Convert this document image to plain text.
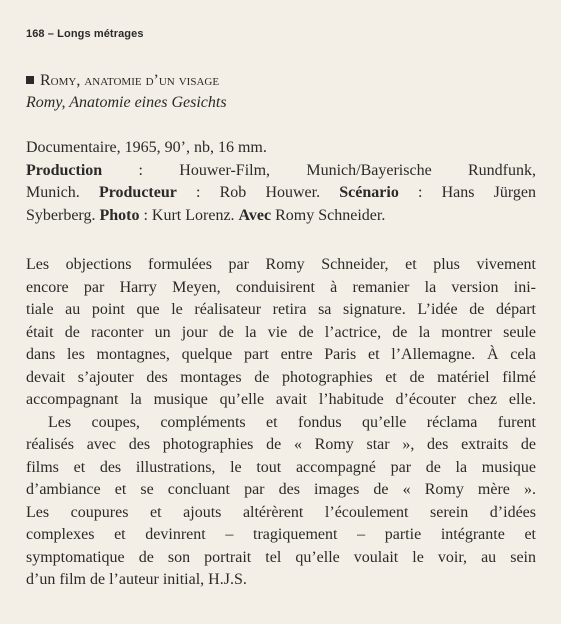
168 – Longs métrages
Romy, anatomie d’un visage
Romy, Anatomie eines Gesichts
Documentaire, 1965, 90’, nb, 16 mm.
Production : Houwer-Film, Munich/Bayerische Rundfunk,
Munich. Producteur : Rob Houwer. Scénario : Hans Jürgen
Syberberg. Photo : Kurt Lorenz. Avec Romy Schneider.
Les objections formulées par Romy Schneider, et plus vivement
encore par Harry Meyen, conduisirent à remanier la version ini-
tiale au point que le réalisateur retira sa signature. L’idée de départ
était de raconter un jour de la vie de l’actrice, de la montrer seule
dans les montagnes, quelque part entre Paris et l’Allemagne. À cela
devait s’ajouter des montages de photographies et de matériel filmé
accompagnant la musique qu’elle avait l’habitude d’écouter chez elle.
Les coupes, compléments et fondus qu’elle réclama furent
réalisés avec des photographies de « Romy star », des extraits de
films et des illustrations, le tout accompagné par de la musique
d’ambiance et se concluant par des images de « Romy mère ».
Les coupures et ajouts altérèrent l’écoulement serein d’idées
complexes et devinrent – tragiquement – partie intégrante et
symptomatique de son portrait tel qu’elle voulait le voir, au sein
d’un film de l’auteur initial, H.J.S.
